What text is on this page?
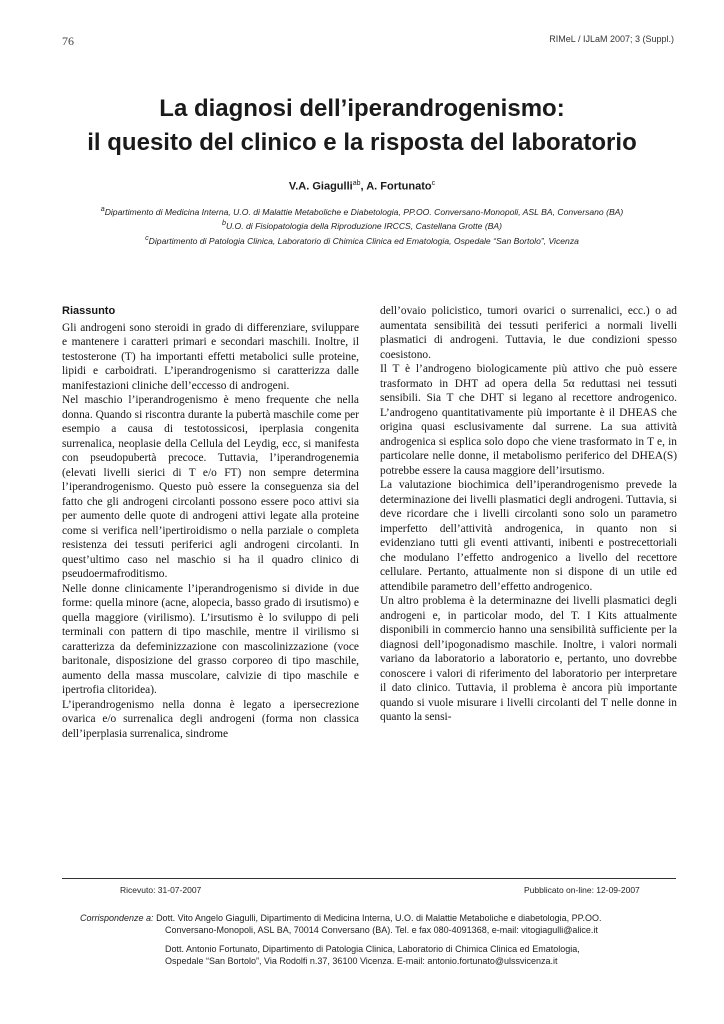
76	RIMeL / IJLaM 2007; 3 (Suppl.)
La diagnosi dell’iperandrogenismo:
il quesito del clinico e la risposta del laboratorio
V.A. Giagulli$^{ab}$, A. Fortunato$^c$
$^a$Dipartimento di Medicina Interna, U.O. di Malattie Metaboliche e Diabetologia, PP.OO. Conversano-Monopoli, ASL BA, Conversano (BA)
$^b$U.O. di Fisiopatologia della Riproduzione IRCCS, Castellana Grotte (BA)
$^c$Dipartimento di Patologia Clinica, Laboratorio di Chimica Clinica ed Ematologia, Ospedale “San Bortolo”, Vicenza
Riassunto

Gli androgeni sono steroidi in grado di differenziare, sviluppare e mantenere i caratteri primari e secondari maschili. Inoltre, il testosterone (T) ha importanti effetti metabolici sulle proteine, lipidi e carboidrati. L’iperandrogenismo si caratterizza dalle manifestazioni cliniche dell’eccesso di androgeni.

Nel maschio l’iperandrogenismo è meno frequente che nella donna. Quando si riscontra durante la pubertà maschile come per esempio a causa di testotossicosi, iperplasia congenita surrenalica, neoplasie della Cellula del Leydig, ecc, si manifesta con pseudopubertà precoce. Tuttavia, l’iperandrogenemia (elevati livelli sierici di T e/o FT) non sempre determina l’iperandrogenismo. Questo può essere la conseguenza sia del fatto che gli androgeni circolanti possono essere poco attivi sia per aumento delle quote di androgeni attivi legate alla proteine come si verifica nell’ipertiroidismo o nella parziale o completa resistenza dei tessuti periferici agli androgeni circolanti. In quest’ultimo caso nel maschio si ha il quadro clinico di pseudoermafroditismo.

Nelle donne clinicamente l’iperandrogenismo si divide in due forme: quella minore (acne, alopecia, basso grado di irsutismo) e quella maggiore (virilismo). L’irsutismo è lo sviluppo di peli terminali con pattern di tipo maschile, mentre il virilismo si caratterizza da defeminizzazione con mascolinizzazione (voce baritonale, disposizione del grasso corporeo di tipo maschile, aumento della massa muscolare, calvizie di tipo maschile e ipertrofia clitoridea).

L’iperandrogenismo nella donna è legato a ipersecrezione ovarica e/o surrenalica degli androgeni (forma non classica dell’iperplasia surrenalica, sindrome

dell’ovaio policistico, tumori ovarici o surrenalici, ecc.) o ad aumentata sensibilità dei tessuti periferici a normali livelli plasmatici di androgeni. Tuttavia, le due condizioni spesso coesistono.

Il T è l’androgeno biologicamente più attivo che può essere trasformato in DHT ad opera della 5α reduttasi nei tessuti sensibili. Sia T che DHT si legano al recettore androgenico. L’androgeno quantitativamente più importante è il DHEAS che origina quasi esclusivamente dal surrene. La sua attività androgenica si esplica solo dopo che viene trasformato in T e, in particolare nelle donne, il metabolismo periferico del DHEA(S) potrebbe essere la causa maggiore dell’irsutismo.

La valutazione biochimica dell’iperandrogenismo prevede la determinazione dei livelli plasmatici degli androgeni. Tuttavia, si deve ricordare che i livelli circolanti sono solo un parametro imperfetto dell’attività androgenica, in quanto non si evidenziano tutti gli eventi attivanti, inibenti e postrecettoriali che modulano l’effetto androgenico a livello del recettore cellulare. Pertanto, attualmente non si dispone di un utile ed attendibile parametro dell’effetto androgenico.

Un altro problema è la determinazne dei livelli plasmatici degli androgeni e, in particolar modo, del T. I Kits attualmente disponibili in commercio hanno una sensibilità sufficiente per la diagnosi dell’ipogonadismo maschile. Inoltre, i valori normali variano da laboratorio a laboratorio e, pertanto, uno dovrebbe conoscere i valori di riferimento del laboratorio per interpretare il dato clinico. Tuttavia, il problema è ancora più importante quando si vuole misurare i livelli circolanti del T nelle donne in quanto la sensi-

Ricevuto: 31-07-2007	Pubblicato on-line: 12-09-2007
Corrispondenze a: Dott. Vito Angelo Giagulli, Dipartimento di Medicina Interna, U.O. di Malattie Metaboliche e diabetologia, PP.OO.
Conversano-Monopoli, ASL BA, 70014 Conversano (BA). Tel. e fax 080-4091368, e-mail: vitogiagulli@alice.it
Dott. Antonio Fortunato, Dipartimento di Patologia Clinica, Laboratorio di Chimica Clinica ed Ematologia,
Ospedale “San Bortolo”, Via Rodolfi n.37, 36100 Vicenza. E-mail: antonio.fortunato@ulssvicenza.it
